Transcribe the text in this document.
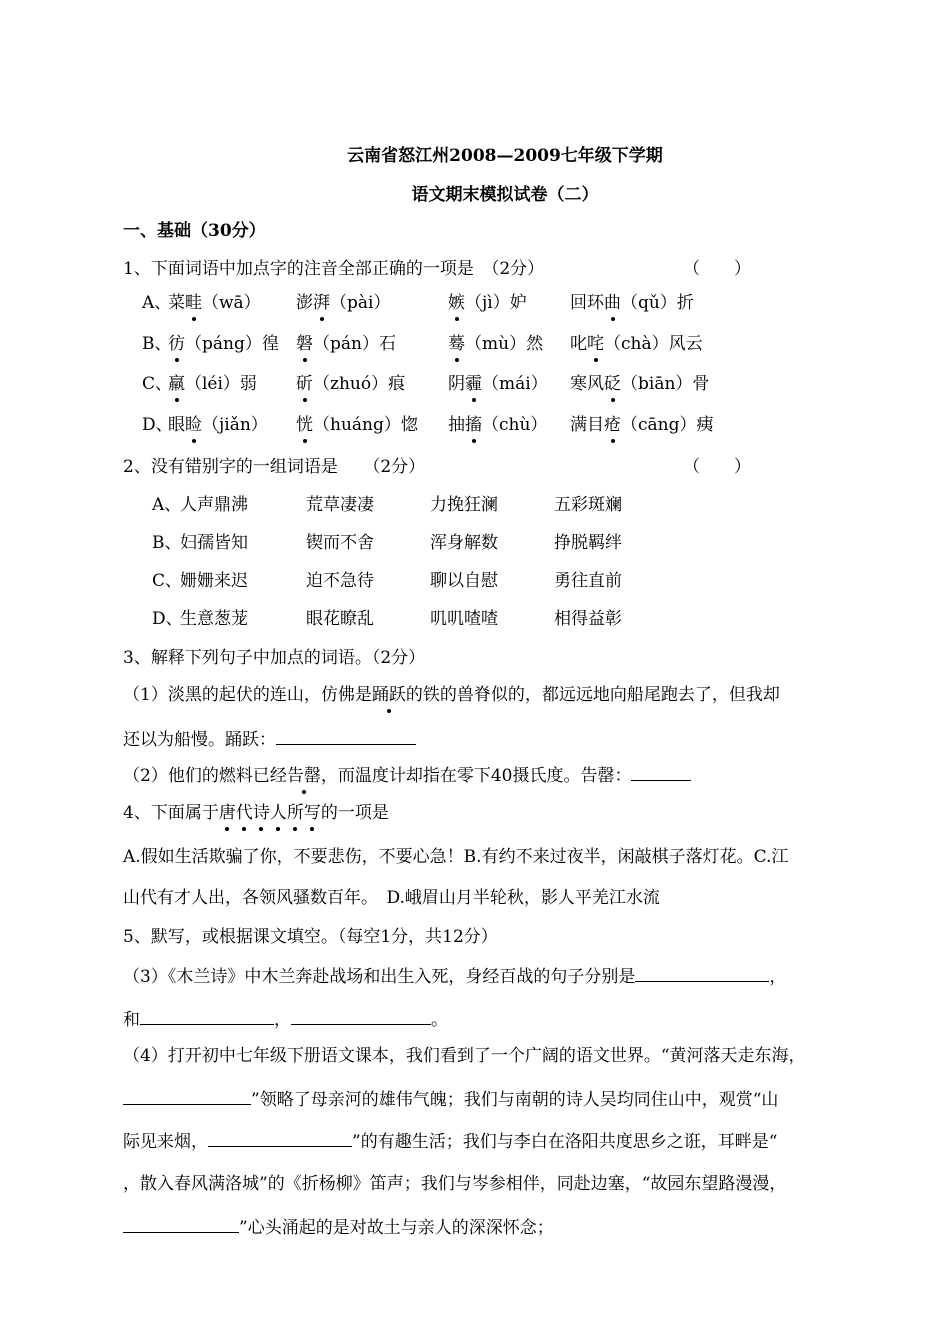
云南省怒江州2008—2009七年级下学期
语文期末模拟试卷（二）
一、基础（30分）
1、下面词语中加点字的注音全部正确的一项是　（2分）	（　　）
A、
菜畦（wā） 澎湃（pài）	嫉（jì）妒	回环曲（qǔ）折
B、
彷（páng）徨 磐（pán）石	蓦（mù）然 叱咤（chà）风云
C、
羸（léi）弱 斫（zhuó）痕	阴霾（mái） 寒风砭（biān）骨
D、
眼睑（jiǎn） 恍（huáng）惚 抽搐（chù） 满目疮（cāng）痍
2、没有错别字的一组词语是　　（2分）	（　　）
A、
人声鼎沸	荒草凄凄	力挽狂澜	五彩斑斓
B、
妇孺皆知	锲而不舍	浑身解数	挣脱羁绊
C、
姗姗来迟	迫不急待	聊以自慰	勇往直前
D、
生意葱茏	眼花瞭乱	叽叽喳喳	相得益彰
3、解释下列句子中加点的词语。（2分）
（1）淡黑的起伏的连山，仿佛是踊跃的铁的兽脊似的，都远远地向船尾跑去了，但我却
还以为船慢。踊跃：
（2）他们的燃料已经告罄，而温度计却指在零下40摄氏度。告罄：
4、下面属于唐代诗人所写的一项是
A.假如生活欺骗了你，不要悲伤，不要心急！B.有约不来过夜半，闲敲棋子落灯花。C.江
山代有才人出，各领风骚数百年。　D.峨眉山月半轮秋，影人平羌江水流
5、默写，或根据课文填空。（每空1分，共12分）
（3）《木兰诗》中木兰奔赴战场和出生入死，身经百战的句子分别是	，
和	，	。
（4）打开初中七年级下册语文课本，我们看到了一个广阔的语文世界。“黄河落天走东海，
”领略了母亲河的雄伟气魄；我们与南朝的诗人吴均同住山中，观赏“山
际见来烟，	”的有趣生活；我们与李白在洛阳共度思乡之诳，耳畔是“
，散入春风满洛城”的《折杨柳》笛声；我们与岑参相伴，同赴边塞，“故园东望路漫漫，
”心头涌起的是对故土与亲人的深深怀念；
